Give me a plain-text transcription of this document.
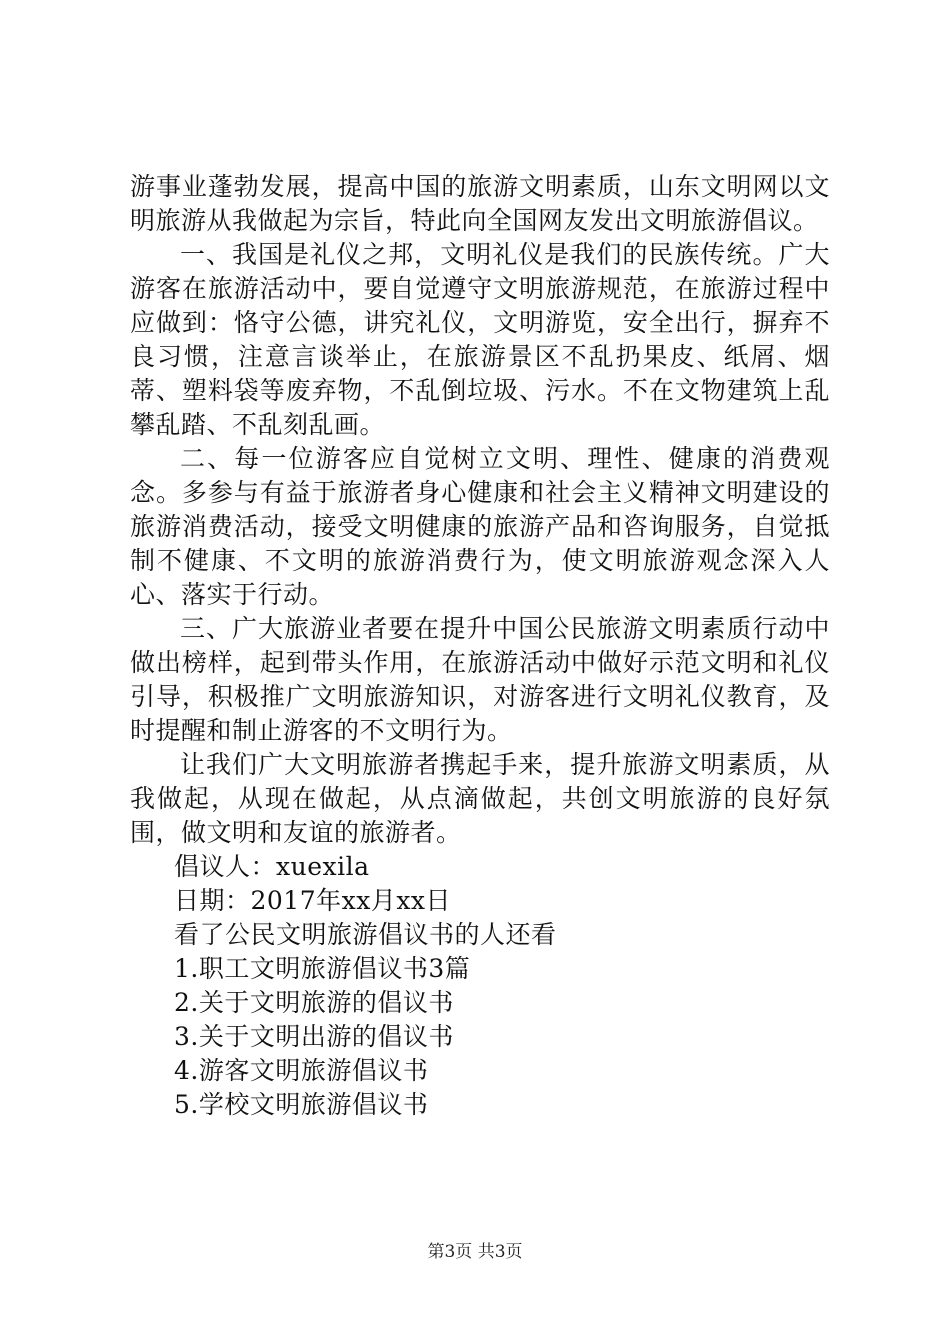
游事业蓬勃发展，提高中国的旅游文明素质，山东文明网以文明旅游从我做起为宗旨，特此向全国网友发出文明旅游倡议。

一、我国是礼仪之邦，文明礼仪是我们的民族传统。广大游客在旅游活动中，要自觉遵守文明旅游规范，在旅游过程中应做到：恪守公德，讲究礼仪，文明游览，安全出行，摒弃不良习惯，注意言谈举止，在旅游景区不乱扔果皮、纸屑、烟蒂、塑料袋等废弃物，不乱倒垃圾、污水。不在文物建筑上乱攀乱踏、不乱刻乱画。

二、每一位游客应自觉树立文明、理性、健康的消费观念。多参与有益于旅游者身心健康和社会主义精神文明建设的旅游消费活动，接受文明健康的旅游产品和咨询服务，自觉抵制不健康、不文明的旅游消费行为，使文明旅游观念深入人心、落实于行动。

三、广大旅游业者要在提升中国公民旅游文明素质行动中做出榜样，起到带头作用，在旅游活动中做好示范文明和礼仪引导，积极推广文明旅游知识，对游客进行文明礼仪教育，及时提醒和制止游客的不文明行为。

让我们广大文明旅游者携起手来，提升旅游文明素质，从我做起，从现在做起，从点滴做起，共创文明旅游的良好氛围，做文明和友谊的旅游者。

倡议人：xuexila

日期：2017年xx月xx日

看了公民文明旅游倡议书的人还看

1.职工文明旅游倡议书3篇

2.关于文明旅游的倡议书

3.关于文明出游的倡议书

4.游客文明旅游倡议书

5.学校文明旅游倡议书

第3页 共3页
